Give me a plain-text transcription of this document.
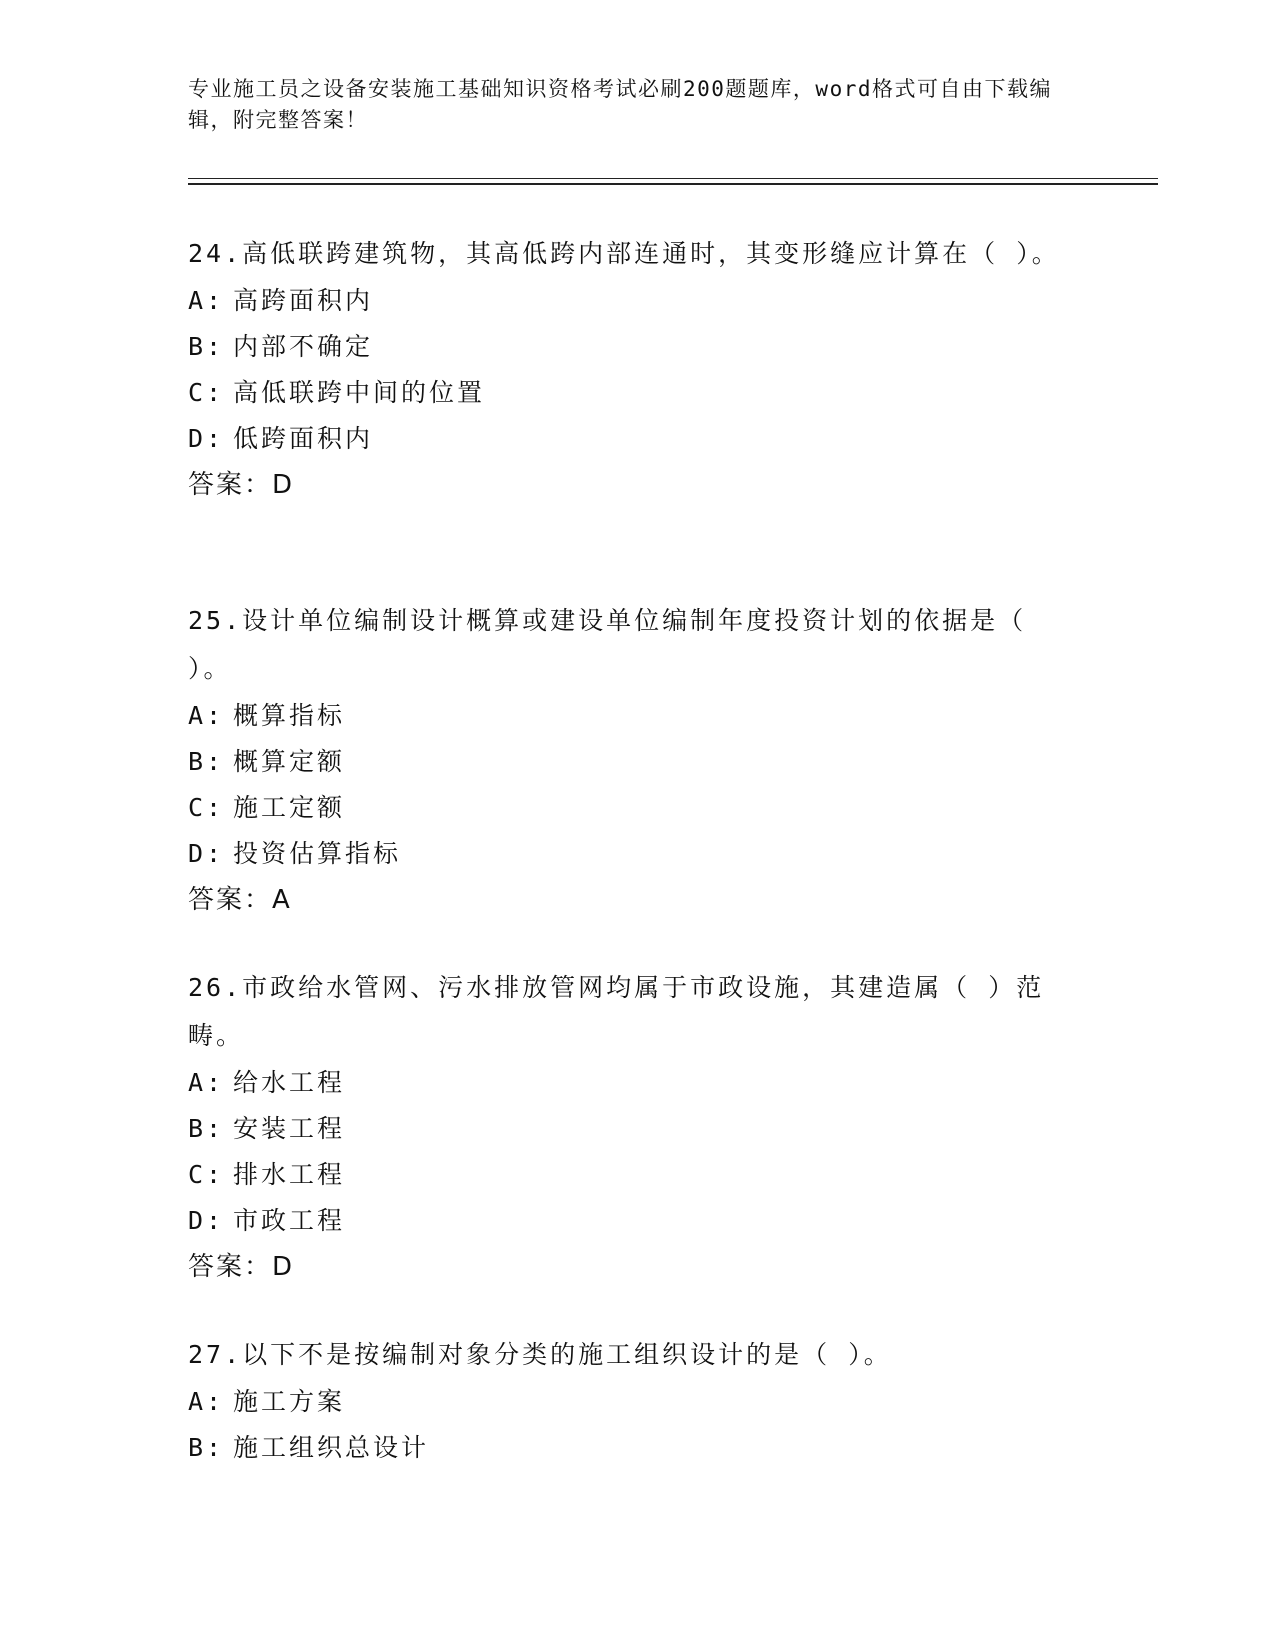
专业施工员之设备安装施工基础知识资格考试必刷200题题库，word格式可自由下载编辑，附完整答案！

24.高低联跨建筑物，其高低跨内部连通时，其变形缝应计算在（ ）。

A: 高跨面积内

B: 内部不确定

C: 高低联跨中间的位置

D: 低跨面积内

答案：D

25.设计单位编制设计概算或建设单位编制年度投资计划的依据是（ ）。

A: 概算指标

B: 概算定额

C: 施工定额

D: 投资估算指标

答案：A

26.市政给水管网、污水排放管网均属于市政设施，其建造属（ ）范畴。

A: 给水工程

B: 安装工程

C: 排水工程

D: 市政工程

答案：D

27.以下不是按编制对象分类的施工组织设计的是（ ）。

A: 施工方案

B: 施工组织总设计
